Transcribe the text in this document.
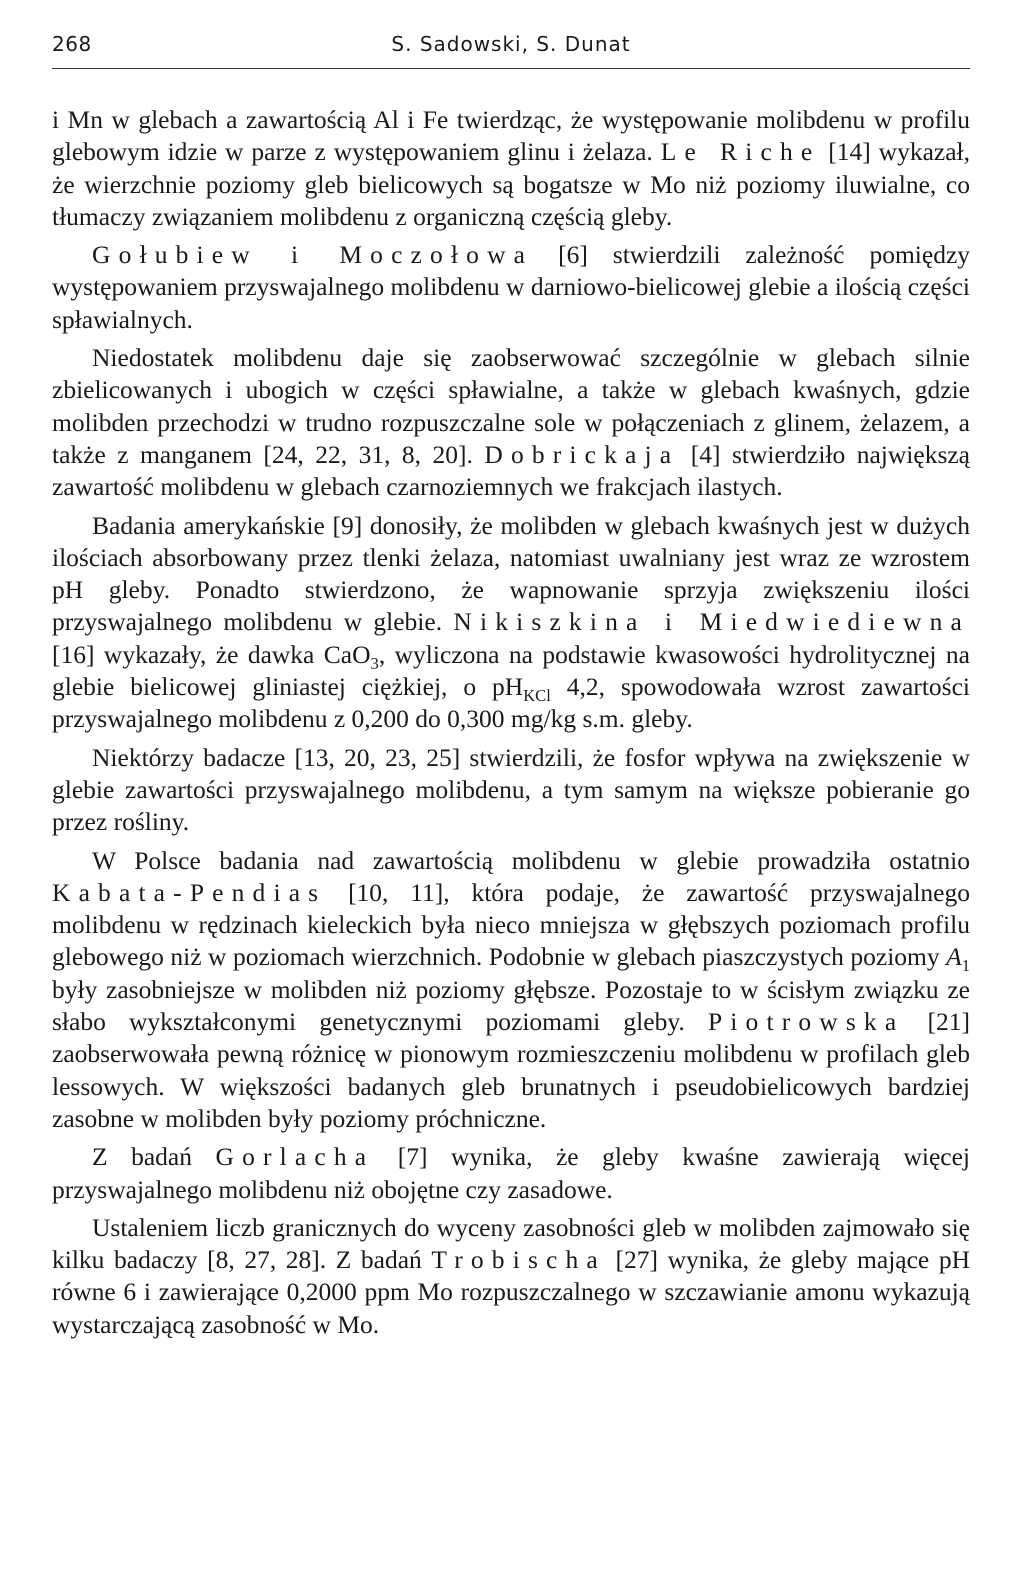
268	S. Sadowski, S. Dunat

i Mn w glebach a zawartością Al i Fe twierdząc, że występowanie molibdenu w profilu glebowym idzie w parze z występowaniem glinu i żelaza. Le Riche [14] wykazał, że wierzchnie poziomy gleb bielicowych są bogatsze w Mo niż poziomy iluwialne, co tłumaczy związaniem molibdenu z organiczną częścią gleby.

Gołubiew i Moczołowa [6] stwierdzili zależność pomiędzy występowaniem przyswajalnego molibdenu w darniowo-bielicowej glebie a ilością części spławialnych.

Niedostatek molibdenu daje się zaobserwować szczególnie w glebach silnie zbielicowanych i ubogich w części spławialne, a także w glebach kwaśnych, gdzie molibden przechodzi w trudno rozpuszczalne sole w połączeniach z glinem, żelazem, a także z manganem [24, 22, 31, 8, 20]. Dobrickaja [4] stwierdziło największą zawartość molibdenu w glebach czarnoziemnych we frakcjach ilastych.

Badania amerykańskie [9] donosiły, że molibden w glebach kwaśnych jest w dużych ilościach absorbowany przez tlenki żelaza, natomiast uwalniany jest wraz ze wzrostem pH gleby. Ponadto stwierdzono, że wapnowanie sprzyja zwiększeniu ilości przyswajalnego molibdenu w glebie. Nikiszkina i Miedwiediewna [16] wykazały, że dawka CaO$_3$, wyliczona na podstawie kwasowości hydrolitycznej na glebie bielicowej gliniastej ciężkiej, o $pH_{KCl}$ 4,2, spowodowała wzrost zawartości przyswajalnego molibdenu z 0,200 do 0,300 mg/kg s.m. gleby.

Niektórzy badacze [13, 20, 23, 25] stwierdzili, że fosfor wpływa na zwiększenie w glebie zawartości przyswajalnego molibdenu, a tym samym na większe pobieranie go przez rośliny.

W Polsce badania nad zawartością molibdenu w glebie prowadziła ostatnio Kabata-Pendias [10, 11], która podaje, że zawartość przyswajalnego molibdenu w rędzinach kieleckich była nieco mniejsza w głębszych poziomach profilu glebowego niż w poziomach wierzchnich. Podobnie w glebach piaszczystych poziomy $A_1$ były zasobniejsze w molibden niż poziomy głębsze. Pozostaje to w ścisłym związku ze słabo wykształconymi genetycznymi poziomami gleby. Piotrowska [21] zaobserwowała pewną różnicę w pionowym rozmieszczeniu molibdenu w profilach gleb lessowych. W większości badanych gleb brunatnych i pseudobielicowych bardziej zasobne w molibden były poziomy próchniczne.

Z badań Gorlacha [7] wynika, że gleby kwaśne zawierają więcej przyswajalnego molibdenu niż obojętne czy zasadowe.

Ustaleniem liczb granicznych do wyceny zasobności gleb w molibden zajmowało się kilku badaczy [8, 27, 28]. Z badań Trobischa [27] wynika, że gleby mające pH równe 6 i zawierające 0,2000 ppm Mo rozpuszczalnego w szczawianie amonu wykazują wystarczającą zasobność w Mo.
